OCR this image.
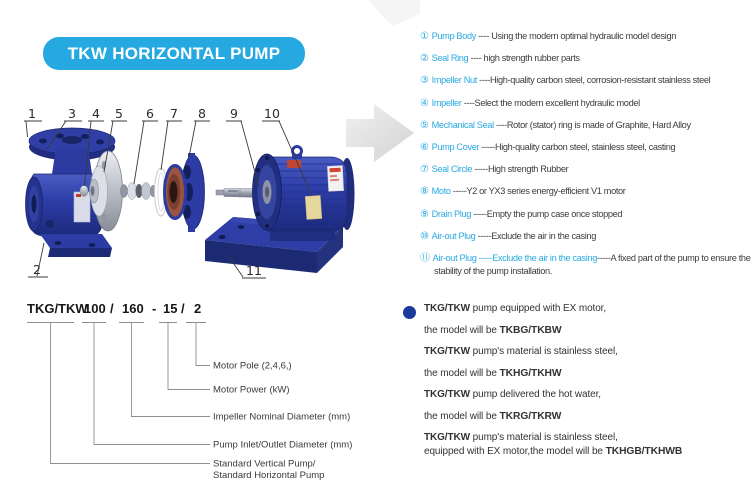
TKW HORIZONTAL PUMP
1	3 4 5 6 7 8 9 10
2	11
① Pump Body ---- Using the modern optimal hydraulic model design
② Seal Ring ---- high strength rubber parts
③ Impeller Nut ----High-quality carbon steel, corrosion-resistant stainless steel
④ Impeller ----Select the modern excellent hydraulic model
⑤ Mechanical Seal ----Rotor (stator) ring is made of Graphite, Hard Alloy
⑥ Pump Cover -----High-quality carbon steel, stainless steel, casting
⑦ Seal Circle -----High strength Rubber
⑧ Moto -----Y2 or YX3 series energy-efficient V1 motor
⑨ Drain Plug -----Empty the pump case once stopped
⑩ Air-out Plug -----Exclude the air in the casing
⑪ Air-out Plug -----Exclude the air in the casing-----A fixed part of the pump to ensure the stability of the pump installation.
TKG/TKW
100 / 160 - 15 / 2
Motor Pole (2,4,6,)
Motor Power (kW)
Impeller Nominal Diameter (mm)
Pump Inlet/Outlet Diameter (mm)
Standard Vertical Pump/
Standard Horizontal Pump
TKG/TKW pump equipped with EX motor,
the model will be TKBG/TKBW
TKG/TKW pump's material is stainless steel,
the model will be TKHG/TKHW
TKG/TKW pump delivered the hot water,
the model will be TKRG/TKRW
TKG/TKW pump's material is stainless steel,
equipped with EX motor,the model will be TKHGB/TKHWB
